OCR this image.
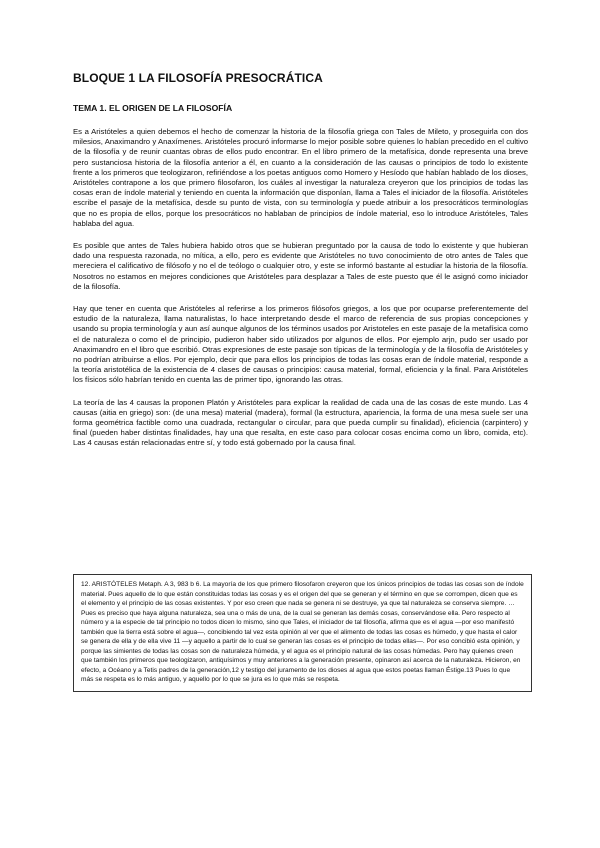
BLOQUE 1 LA FILOSOFÍA PRESOCRÁTICA
TEMA 1. EL ORIGEN DE LA FILOSOFÍA

Es a Aristóteles a quien debemos el hecho de comenzar la historia de la filosofía griega con Tales de Mileto, y proseguirla con dos milesios, Anaximandro y Anaxímenes. Aristóteles procuró informarse lo mejor posible sobre quienes lo habían precedido en el cultivo de la filosofía y de reunir cuantas obras de ellos pudo encontrar. En el libro primero de la metafísica, donde representa una breve pero sustanciosa historia de la filosofía anterior a él, en cuanto a la consideración de las causas o principios de todo lo existente frente a los primeros que teologizaron, refiriéndose a los poetas antiguos como Homero y Hesíodo que habían hablado de los dioses, Aristóteles contrapone a los que primero filosofaron, los cuáles al investigar la naturaleza creyeron que los principios de todas las cosas eran de índole material y teniendo en cuenta la información que disponían, llama a Tales el iniciador de la filosofía. Aristóteles escribe el pasaje de la metafísica, desde su punto de vista, con su terminología y puede atribuir a los presocráticos terminologías que no es propia de ellos, porque los presocráticos no hablaban de principios de índole material, eso lo introduce Aristóteles, Tales hablaba del agua.

Es posible que antes de Tales hubiera habido otros que se hubieran preguntado por la causa de todo lo existente y que hubieran dado una respuesta razonada, no mítica, a ello, pero es evidente que Aristóteles no tuvo conocimiento de otro antes de Tales que mereciera el calificativo de filósofo y no el de teólogo o cualquier otro, y este se informó bastante al estudiar la historia de la filosofía. Nosotros no estamos en mejores condiciones que Aristóteles para desplazar a Tales de este puesto que él le asignó como iniciador de la filosofía.

Hay que tener en cuenta que Aristóteles al referirse a los primeros filósofos griegos, a los que por ocuparse preferentemente del estudio de la naturaleza, llama naturalistas, lo hace interpretando desde el marco de referencia de sus propias concepciones y usando su propia terminología y aun así aunque algunos de los términos usados por Aristoteles en este pasaje de la metafísica como el de naturaleza o como el de principio, pudieron haber sido utilizados por algunos de ellos. Por ejemplo arjn, pudo ser usado por Anaximandro en el libro que escribió. Otras expresiones de este pasaje son típicas de la terminología y de la filosofía de Aristóteles y no podrían atribuirse a ellos. Por ejemplo, decir que para ellos los principios de todas las cosas eran de índole material, responde a la teoría aristotélica de la existencia de 4 clases de causas o principios: causa material, formal, eficiencia y la final. Para Aristóteles los físicos sólo habrían tenido en cuenta las de primer tipo, ignorando las otras.

La teoría de las 4 causas la proponen Platón y Aristóteles para explicar la realidad de cada una de las cosas de este mundo. Las 4 causas (aitia en griego) son: (de una mesa) material (madera), formal (la estructura, apariencia, la forma de una mesa suele ser una forma geométrica factible como una cuadrada, rectangular o circular, para que pueda cumplir su finalidad), eficiencia (carpintero) y final (pueden haber distintas finalidades, hay una que resalta, en este caso para colocar cosas encima como un libro, comida, etc). Las 4 causas están relacionadas entre sí, y todo está gobernado por la causa final.

12. ARISTÓTELES Metaph. A 3, 983 b 6. La mayoría de los que primero filosofaron creyeron que los únicos principios de todas las cosas son de índole material. Pues aquello de lo que están constituidas todas las cosas y es el origen del que se generan y el término en que se corrompen, dicen que es el elemento y el principio de las cosas existentes. Y por eso creen que nada se genera ni se destruye, ya que tal naturaleza se conserva siempre. … Pues es preciso que haya alguna naturaleza, sea una o más de una, de la cual se generan las demás cosas, conservándose ella. Pero respecto al número y a la especie de tal principio no todos dicen lo mismo, sino que Tales, el iniciador de tal filosofía, afirma que es el agua —por eso manifestó también que la tierra está sobre el agua—, concibiendo tal vez esta opinión al ver que el alimento de todas las cosas es húmedo, y que hasta el calor se genera de ella y de ella vive 11 —y aquello a partir de lo cual se generan las cosas es el principio de todas ellas—. Por eso concibió esta opinión, y porque las simientes de todas las cosas son de naturaleza húmeda, y el agua es el principio natural de las cosas húmedas. Pero hay quienes creen que también los primeros que teologizaron, antiquísimos y muy anteriores a la generación presente, opinaron así acerca de la naturaleza. Hicieron, en efecto, a Océano y a Tetis padres de la generación,12 y testigo del juramento de los dioses al agua que estos poetas llaman Éstige.13 Pues lo que más se respeta es lo más antiguo, y aquello por lo que se jura es lo que más se respeta.
